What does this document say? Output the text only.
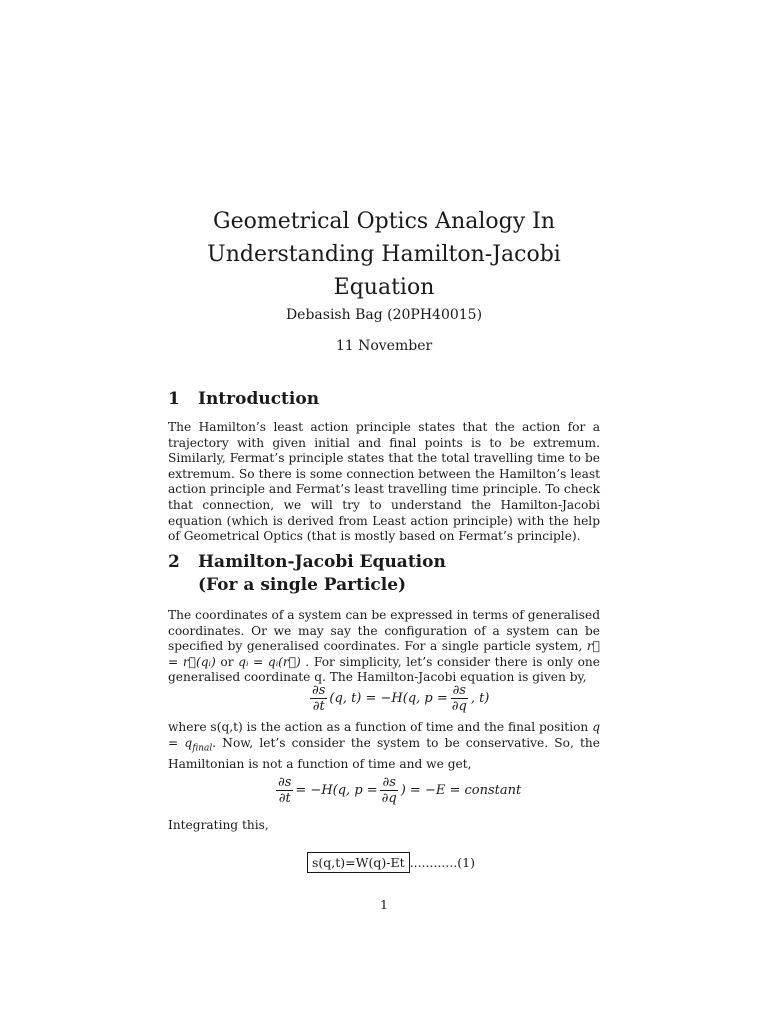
Geometrical Optics Analogy In
Understanding Hamilton-Jacobi
Equation
Debasish Bag (20PH40015)
11 November
1 Introduction

The Hamilton’s least action principle states that the action for a trajectory with given initial and final points is to be extremum. Similarly, Fermat’s principle states that the total travelling time to be extremum. So there is some connection between the Hamilton’s least action principle and Fermat’s least travelling time principle. To check that connection, we will try to understand the Hamilton-Jacobi equation (which is derived from Least action principle) with the help of Geometrical Optics (that is mostly based on Fermat’s principle).

2 Hamilton-Jacobi Equation
(For a single Particle)

The coordinates of a system can be expressed in terms of generalised coordinates. Or we may say the configuration of a system can be specified by generalised coordinates. For a single particle system, r⃗ = r⃗(qᵢ) or qᵢ = qᵢ(r⃗) . For simplicity, let’s consider there is only one generalised coordinate q. The Hamilton-Jacobi equation is given by,

$\frac{\partial s}{\partial t} (q$, t) = −H(q, $p = \frac{\partial s}{\partial q}$ , t)

where s(q,t) is the action as a function of time and the final position $q = q_{final}$. Now, let’s consider the system to be conservative. So, the Hamiltonian is not a function of time and we get,

$\frac{\partial s}{\partial t} = -H(q$, $p = \frac{\partial s}{\partial q}$ ) = −E = constant

Integrating this,

s(q,t)=W(q)-Et ............(1)
1
